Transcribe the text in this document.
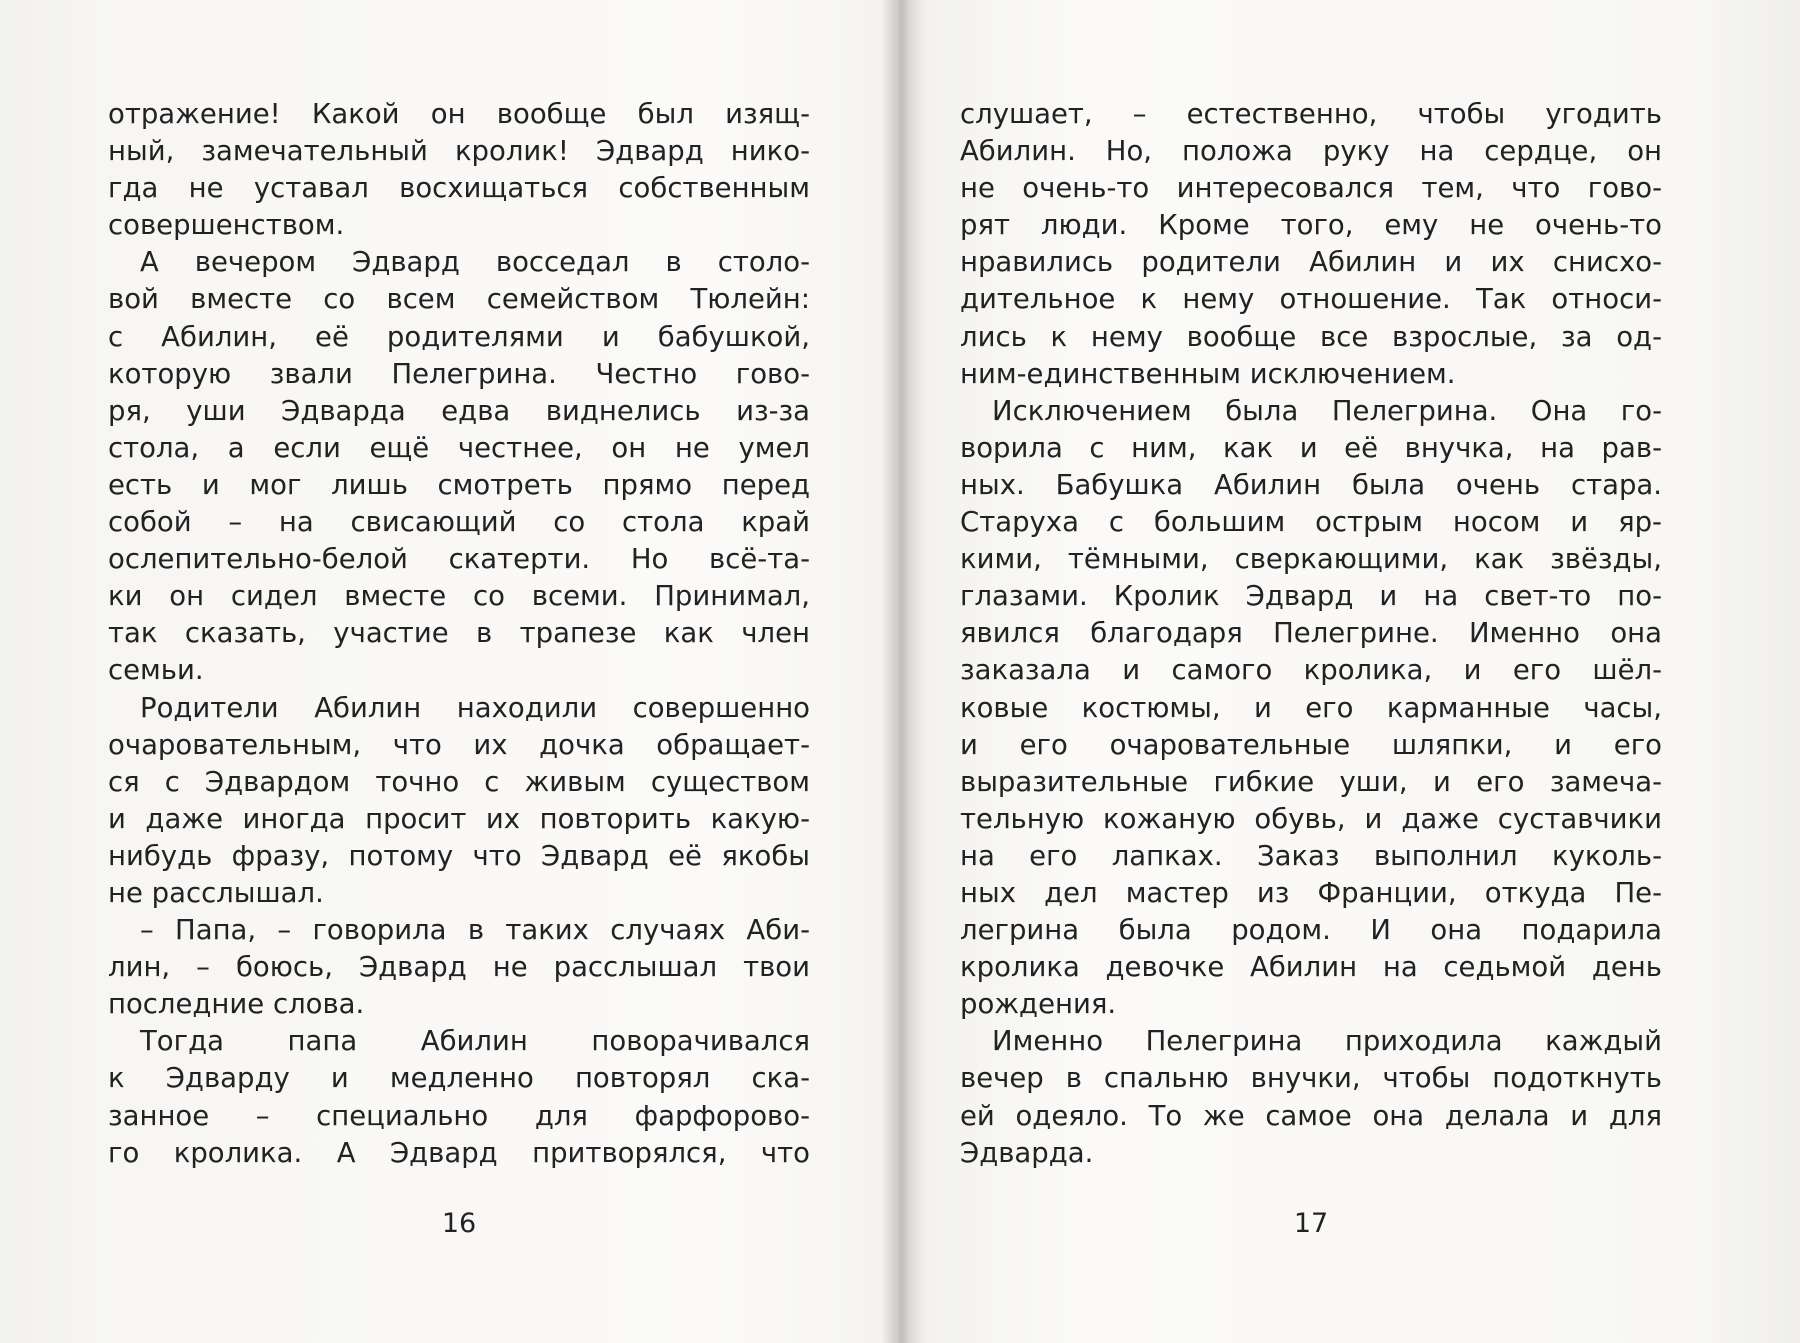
отражение! Какой он вообще был изящ-
ный, замечательный кролик! Эдвард нико-
гда не уставал восхищаться собственным
совершенством.
А вечером Эдвард восседал в столо-
вой вместе со всем семейством Тюлейн:
с Абилин, её родителями и бабушкой,
которую звали Пелегрина. Честно гово-
ря, уши Эдварда едва виднелись из-за
стола, а если ещё честнее, он не умел
есть и мог лишь смотреть прямо перед
собой – на свисающий со стола край
ослепительно-белой скатерти. Но всё-та-
ки он сидел вместе со всеми. Принимал,
так сказать, участие в трапезе как член
семьи.
Родители Абилин находили совершенно
очаровательным, что их дочка обращает-
ся с Эдвардом точно с живым существом
и даже иногда просит их повторить какую-
нибудь фразу, потому что Эдвард её якобы
не расслышал.
– Папа, – говорила в таких случаях Аби-
лин, – боюсь, Эдвард не расслышал твои
последние слова.
Тогда папа Абилин поворачивался
к Эдварду и медленно повторял ска-
занное – специально для фарфорово-
го кролика. А Эдвард притворялся, что
16
слушает, – естественно, чтобы угодить
Абилин. Но, положа руку на сердце, он
не очень-то интересовался тем, что гово-
рят люди. Кроме того, ему не очень-то
нравились родители Абилин и их снисхо-
дительное к нему отношение. Так относи-
лись к нему вообще все взрослые, за од-
ним-единственным исключением.
Исключением была Пелегрина. Она го-
ворила с ним, как и её внучка, на рав-
ных. Бабушка Абилин была очень стара.
Старуха с большим острым носом и яр-
кими, тёмными, сверкающими, как звёзды,
глазами. Кролик Эдвард и на свет-то по-
явился благодаря Пелегрине. Именно она
заказала и самого кролика, и его шёл-
ковые костюмы, и его карманные часы,
и его очаровательные шляпки, и его
выразительные гибкие уши, и его замеча-
тельную кожаную обувь, и даже суставчики
на его лапках. Заказ выполнил куколь-
ных дел мастер из Франции, откуда Пе-
легрина была родом. И она подарила
кролика девочке Абилин на седьмой день
рождения.
Именно Пелегрина приходила каждый
вечер в спальню внучки, чтобы подоткнуть
ей одеяло. То же самое она делала и для
Эдварда.
17
